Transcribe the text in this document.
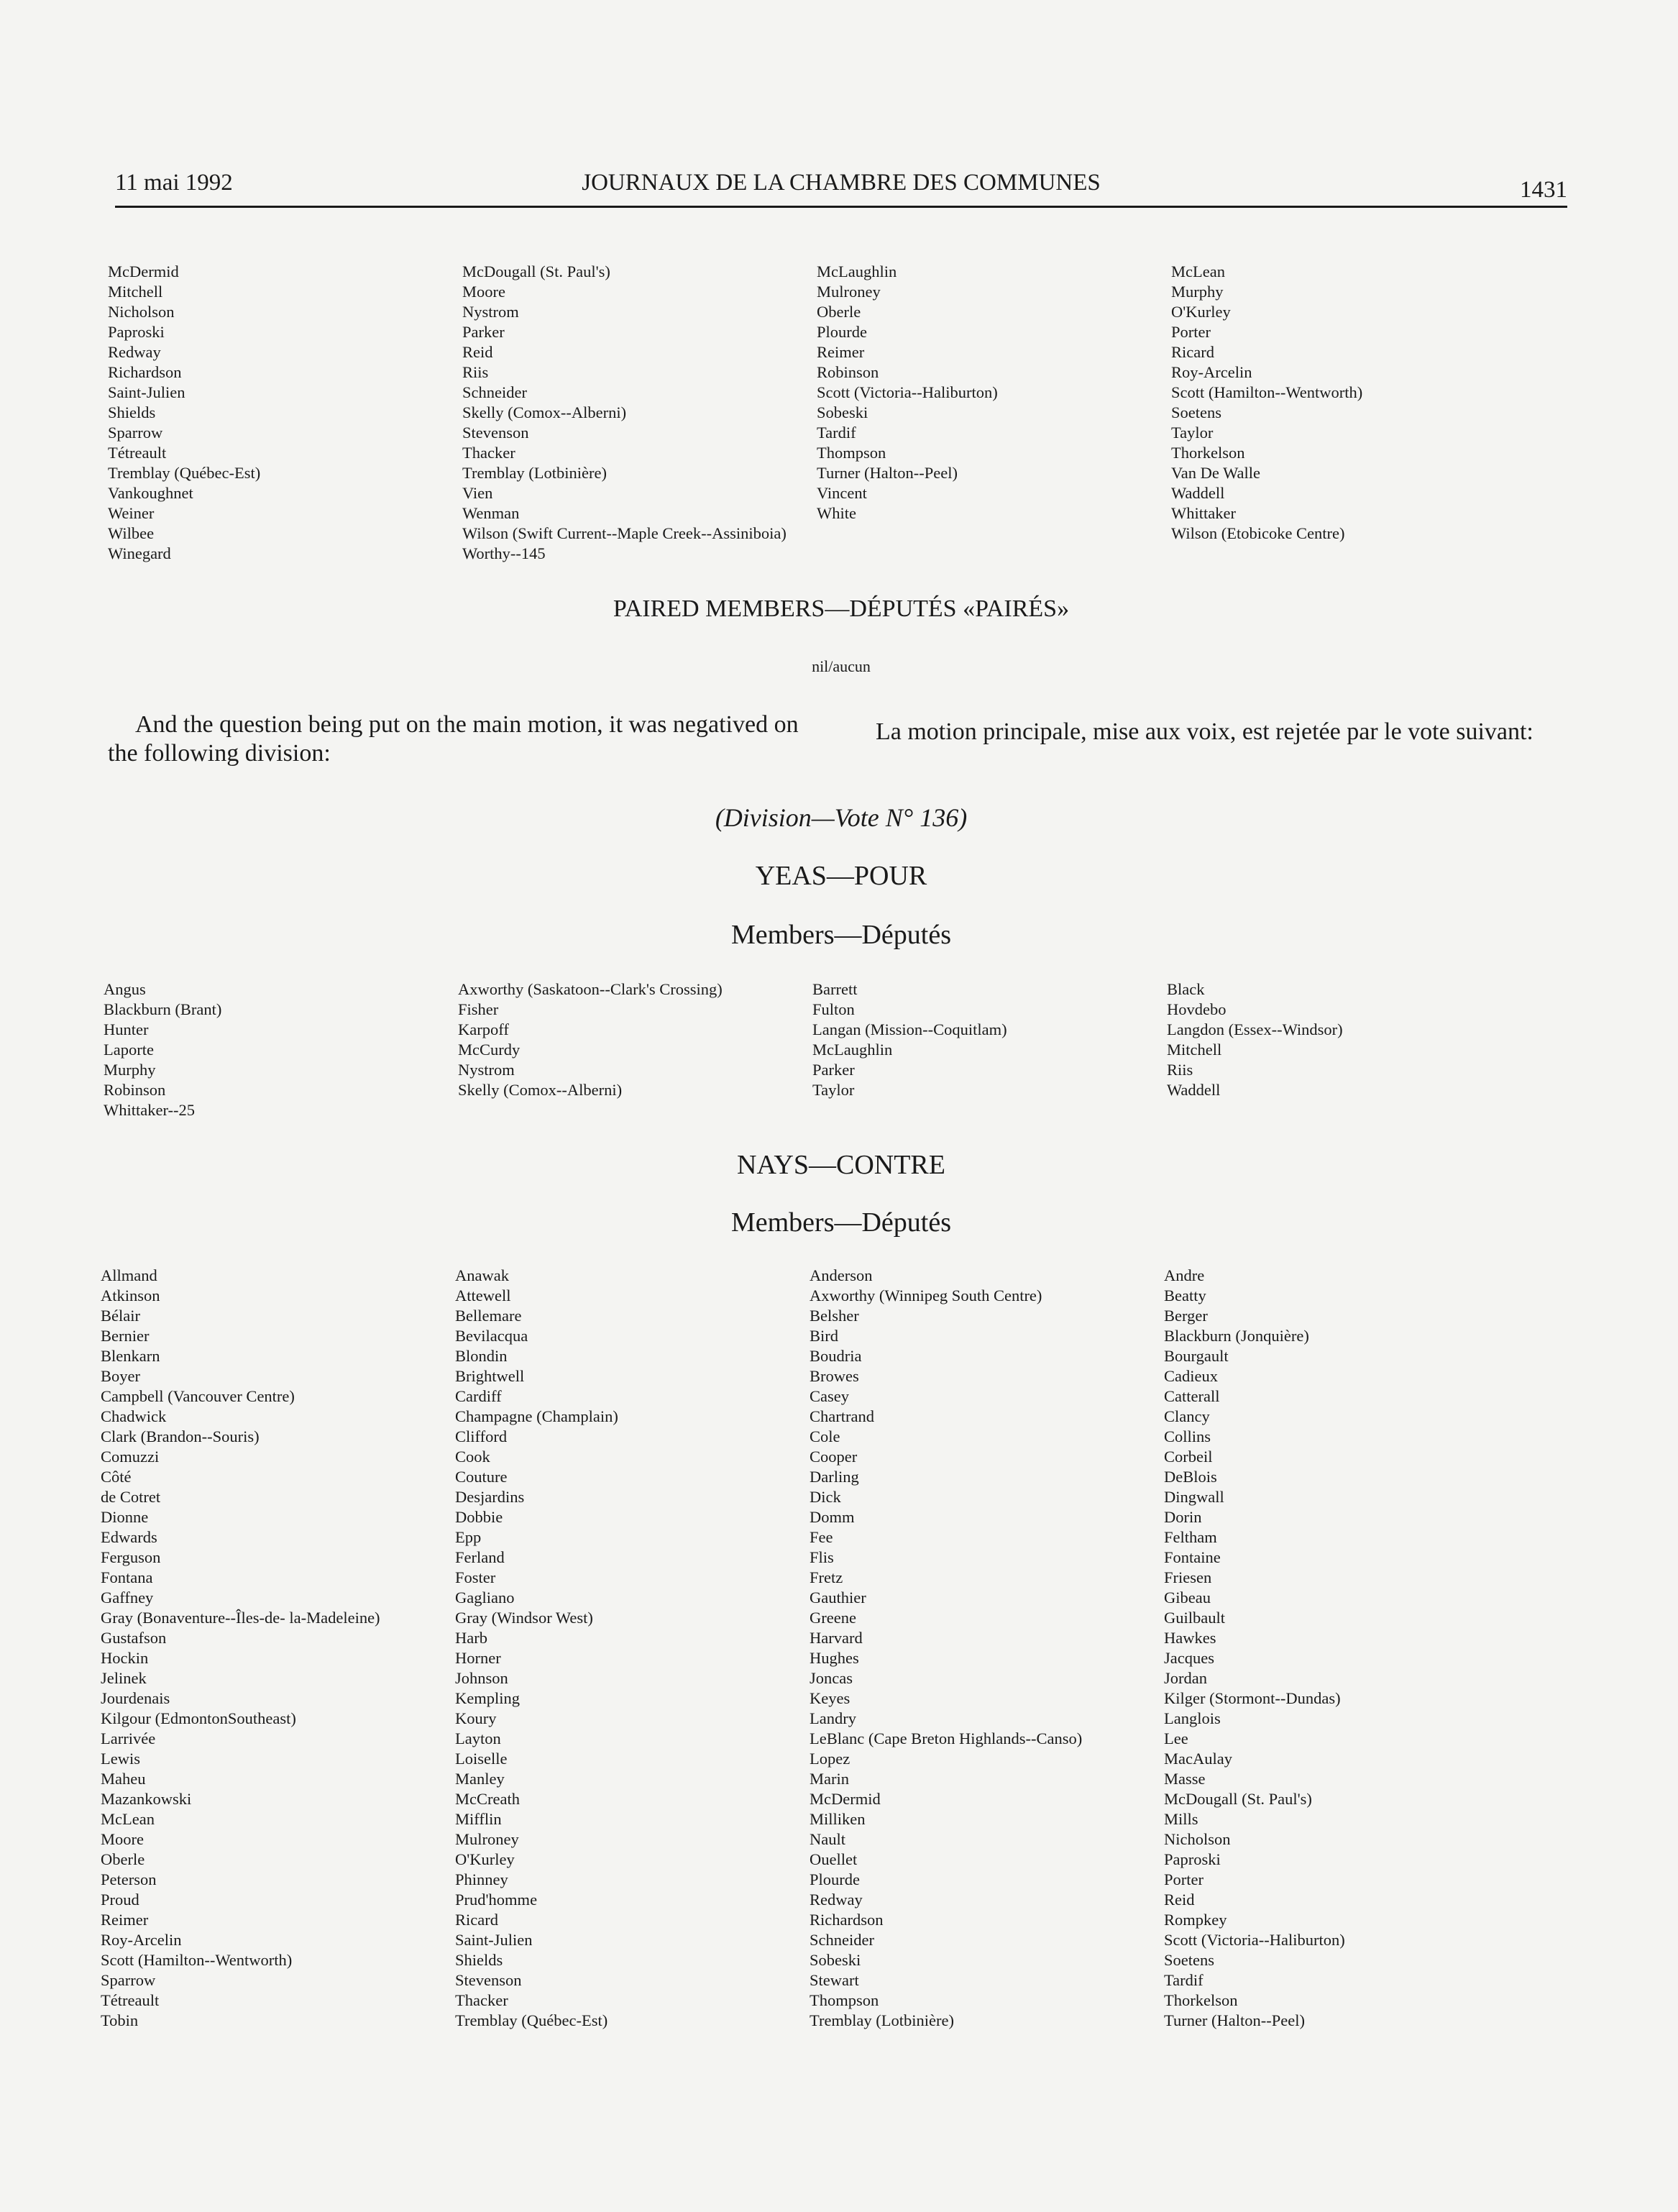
11 mai 1992	JOURNAUX DE LA CHAMBRE DES COMMUNES	1431
McDermid
Mitchell
Nicholson
Paproski
Redway
Richardson
Saint-Julien
Shields
Sparrow
Tétreault
Tremblay (Québec-Est)
Vankoughnet
Weiner
Wilbee
Winegard
McDougall (St. Paul's)
Moore
Nystrom
Parker
Reid
Riis
Schneider
Skelly (Comox--Alberni)
Stevenson
Thacker
Tremblay (Lotbinière)
Vien
Wenman
Wilson (Swift Current--Maple Creek--Assiniboia)
Worthy--145
McLaughlin
Mulroney
Oberle
Plourde
Reimer
Robinson
Scott (Victoria--Haliburton)
Sobeski
Tardif
Thompson
Turner (Halton--Peel)
Vincent
White
McLean
Murphy
O'Kurley
Porter
Ricard
Roy-Arcelin
Scott (Hamilton--Wentworth)
Soetens
Taylor
Thorkelson
Van De Walle
Waddell
Whittaker
Wilson (Etobicoke Centre)
PAIRED MEMBERS—DÉPUTÉS «PAIRÉS»
nil/aucun
And the question being put on the main motion, it was negatived on the following division:
La motion principale, mise aux voix, est rejetée par le vote suivant:
(Division—Vote N° 136)
YEAS—POUR
Members—Députés
Angus
Blackburn (Brant)
Hunter
Laporte
Murphy
Robinson
Whittaker--25
Axworthy (Saskatoon--Clark's Crossing)
Fisher
Karpoff
McCurdy
Nystrom
Skelly (Comox--Alberni)
Barrett
Fulton
Langan (Mission--Coquitlam)
McLaughlin
Parker
Taylor
Black
Hovdebo
Langdon (Essex--Windsor)
Mitchell
Riis
Waddell
NAYS—CONTRE
Members—Députés
Allmand
Atkinson
Bélair
Bernier
Blenkarn
Boyer
Campbell (Vancouver Centre)
Chadwick
Clark (Brandon--Souris)
Comuzzi
Côté
de Cotret
Dionne
Edwards
Ferguson
Fontana
Gaffney
Gray (Bonaventure--Îles-de- la-Madeleine)
Gustafson
Hockin
Jelinek
Jourdenais
Kilgour (EdmontonSoutheast)
Larrivée
Lewis
Maheu
Mazankowski
McLean
Moore
Oberle
Peterson
Proud
Reimer
Roy-Arcelin
Scott (Hamilton--Wentworth)
Sparrow
Tétreault
Tobin
Anawak
Attewell
Bellemare
Bevilacqua
Blondin
Brightwell
Cardiff
Champagne (Champlain)
Clifford
Cook
Couture
Desjardins
Dobbie
Epp
Ferland
Foster
Gagliano
Gray (Windsor West)
Harb
Horner
Johnson
Kempling
Koury
Layton
Loiselle
Manley
McCreath
Mifflin
Mulroney
O'Kurley
Phinney
Prud'homme
Ricard
Saint-Julien
Shields
Stevenson
Thacker
Tremblay (Québec-Est)
Anderson
Axworthy (Winnipeg South Centre)
Belsher
Bird
Boudria
Browes
Casey
Chartrand
Cole
Cooper
Darling
Dick
Domm
Fee
Flis
Fretz
Gauthier
Greene
Harvard
Hughes
Joncas
Keyes
Landry
LeBlanc (Cape Breton Highlands--Canso)
Lopez
Marin
McDermid
Milliken
Nault
Ouellet
Plourde
Redway
Richardson
Schneider
Sobeski
Stewart
Thompson
Tremblay (Lotbinière)
Andre
Beatty
Berger
Blackburn (Jonquière)
Bourgault
Cadieux
Catterall
Clancy
Collins
Corbeil
DeBlois
Dingwall
Dorin
Feltham
Fontaine
Friesen
Gibeau
Guilbault
Hawkes
Jacques
Jordan
Kilger (Stormont--Dundas)
Langlois
Lee
MacAulay
Masse
McDougall (St. Paul's)
Mills
Nicholson
Paproski
Porter
Reid
Rompkey
Scott (Victoria--Haliburton)
Soetens
Tardif
Thorkelson
Turner (Halton--Peel)
